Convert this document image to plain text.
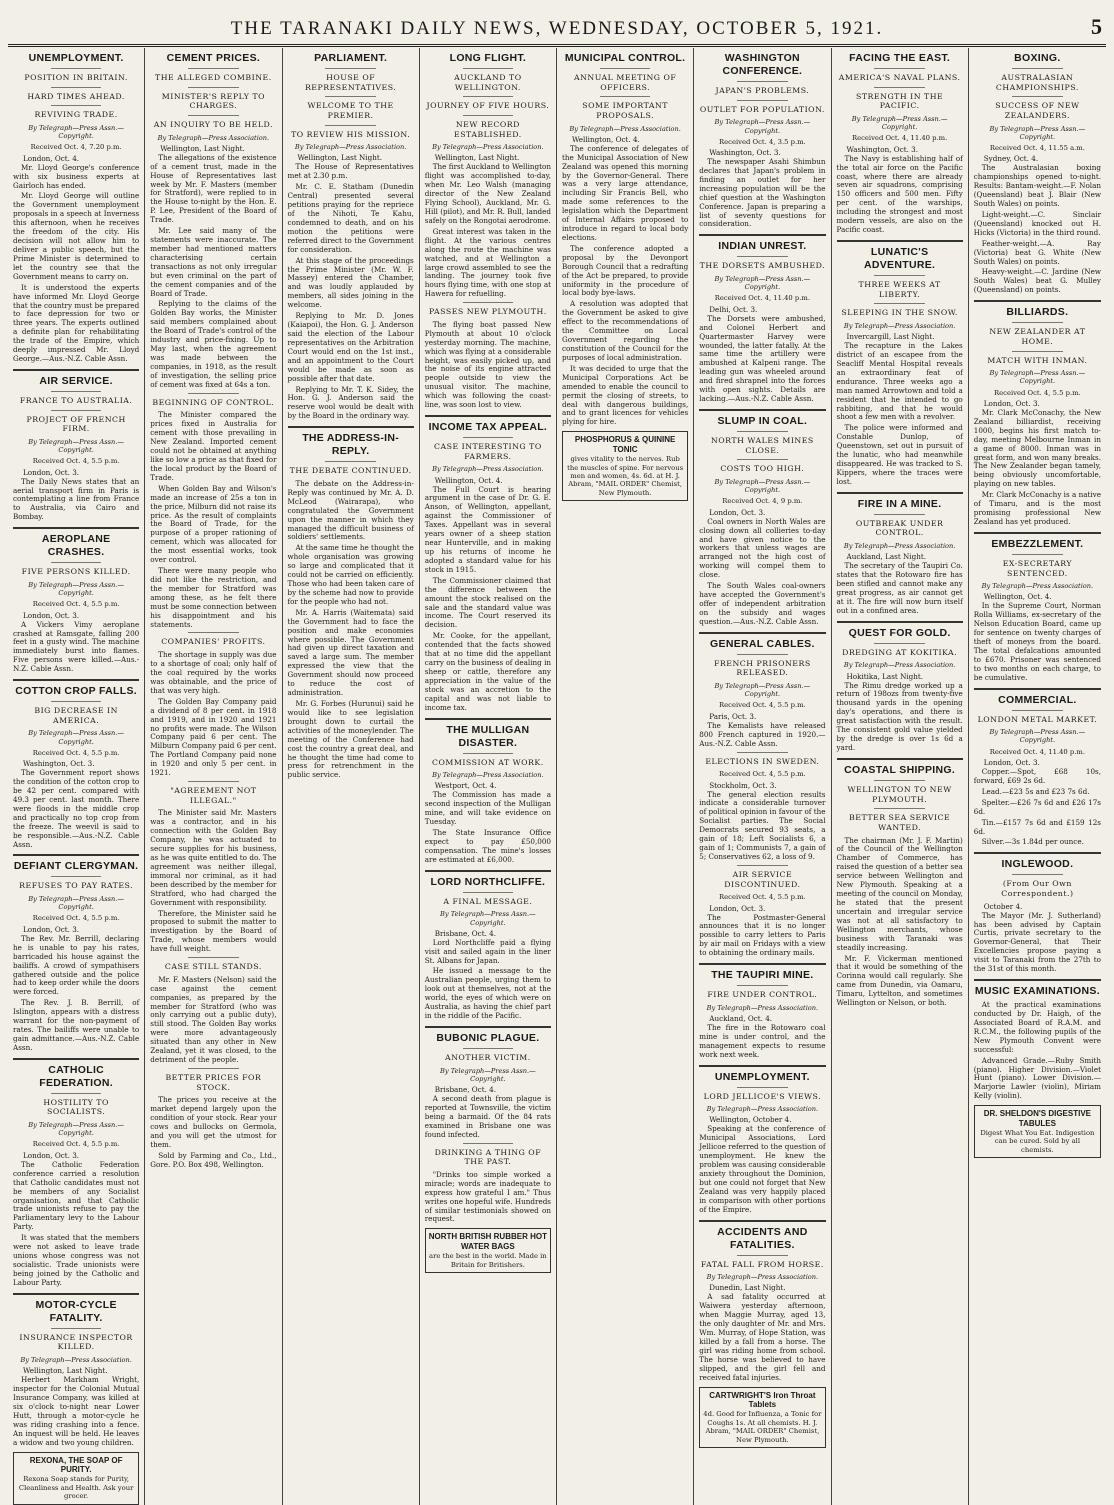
THE TARANAKI DAILY NEWS, WEDNESDAY, OCTOBER 5, 1921.	5
UNEMPLOYMENT.
POSITION IN BRITAIN.
HARD TIMES AHEAD.
REVIVING TRADE.
By Telegraph—Press Assn.—Copyright.
Received Oct. 4, 7.20 p.m.
London, Oct. 4.

Mr. Lloyd George's conference with six business experts at Gairloch has ended.

Mr. Lloyd George will outline the Government unemployment proposals in a speech at Inverness this afternoon, when he receives the freedom of the city. His decision will not allow him to deliver a public speech, but the Prime Minister is determined to let the country see that the Government means to carry on.

It is understood the experts have informed Mr. Lloyd George that the country must be prepared to face depression for two or three years. The experts outlined a definite plan for rehabilitating the trade of the Empire, which deeply impressed Mr. Lloyd George.—Aus.-N.Z. Cable Assn.

AIR SERVICE.
FRANCE TO AUSTRALIA.
PROJECT OF FRENCH FIRM.
By Telegraph—Press Assn.—Copyright.
Received Oct. 4, 5.5 p.m.
London, Oct. 3.

The Daily News states that an aerial transport firm in Paris is contemplating a line from France to Australia, via Cairo and Bombay.

AEROPLANE CRASHES.
FIVE PERSONS KILLED.
By Telegraph—Press Assn.—Copyright.
Received Oct. 4, 5.5 p.m.
London, Oct. 3.

A Vickers Vimy aeroplane crashed at Ramsgate, falling 200 feet in a gusty wind. The machine immediately burst into flames. Five persons were killed.—Aus.-N.Z. Cable Assn.

COTTON CROP FALLS.
BIG DECREASE IN AMERICA.
By Telegraph—Press Assn.—Copyright.
Received Oct. 4, 5.5 p.m.
Washington, Oct. 3.

The Government report shows the condition of the cotton crop to be 42 per cent. compared with 49.3 per cent. last month. There were floods in the middle crop and practically no top crop from the freeze. The weevil is said to be responsible.—Aus.-N.Z. Cable Assn.

DEFIANT CLERGYMAN.
REFUSES TO PAY RATES.
By Telegraph—Press Assn.—Copyright.
Received Oct. 4, 5.5 p.m.
London, Oct. 3.

The Rev. Mr. Berrill, declaring he is unable to pay his rates, barricaded his house against the bailiffs. A crowd of sympathisers gathered outside and the police had to keep order while the doors were forced.

The Rev. J. B. Berrill, of Islington, appears with a distress warrant for the non-payment of rates. The bailiffs were unable to gain admittance.—Aus.-N.Z. Cable Assn.

CATHOLIC FEDERATION.
HOSTILITY TO SOCIALISTS.
By Telegraph—Press Assn.—Copyright.
Received Oct. 4, 5.5 p.m.
London, Oct. 3.

The Catholic Federation conference carried a resolution that Catholic candidates must not be members of any Socialist organisation, and that Catholic trade unionists refuse to pay the Parliamentary levy to the Labour Party.

It was stated that the members were not asked to leave trade unions whose congress was not socialistic. Trade unionists were being joined by the Catholic and Labour Party.

MOTOR-CYCLE FATALITY.
INSURANCE INSPECTOR KILLED.
By Telegraph—Press Association.
Wellington, Last Night.

Herbert Markham Wright, inspector for the Colonial Mutual Insurance Company, was killed at six o'clock to-night near Lower Hutt, through a motor-cycle he was riding crashing into a fence. An inquest will be held. He leaves a widow and two young children.

REXONA, THE SOAP OF PURITY.
Rexona Soap stands for Purity, Cleanliness and Health. Ask your grocer.
CEMENT PRICES.
THE ALLEGED COMBINE.
MINISTER'S REPLY TO CHARGES.
AN INQUIRY TO BE HELD.
By Telegraph—Press Association.
Wellington, Last Night.

The allegations of the existence of a cement trust, made in the House of Representatives last week by Mr. F. Masters (member for Stratford), were replied to in the House to-night by the Hon. E. P. Lee, President of the Board of Trade.

Mr. Lee said many of the statements were inaccurate. The member had mentioned matters characterising certain transactions as not only irregular but even criminal on the part of the cement companies and of the Board of Trade.

Replying to the claims of the Golden Bay works, the Minister said members complained about the Board of Trade's control of the industry and price-fixing. Up to May last, when the agreement was made between the companies, in 1918, as the result of investigation, the selling price of cement was fixed at 64s a ton.

BEGINNING OF CONTROL.

The Minister compared the prices fixed in Australia for cement with those prevailing in New Zealand. Imported cement could not be obtained at anything like so low a price as that fixed for the local product by the Board of Trade.

When Golden Bay and Wilson's made an increase of 25s a ton in the price, Milburn did not raise its price. As the result of complaints the Board of Trade, for the purpose of a proper rationing of cement, which was allocated for the most essential works, took over control.

There were many people who did not like the restriction, and the member for Stratford was among these, as he felt there must be some connection between his disappointment and his statements.

COMPANIES' PROFITS.

The shortage in supply was due to a shortage of coal; only half of the coal required by the works was obtainable, and the price of that was very high.

The Golden Bay Company paid a dividend of 8 per cent. in 1918 and 1919, and in 1920 and 1921 no profits were made. The Wilson Company paid 6 per cent. The Milburn Company paid 6 per cent. The Portland Company paid none in 1920 and only 5 per cent. in 1921.

"AGREEMENT NOT ILLEGAL."

The Minister said Mr. Masters was a contractor, and in his connection with the Golden Bay Company, he was actuated to secure supplies for his business, as he was quite entitled to do. The agreement was neither illegal, immoral nor criminal, as it had been described by the member for Stratford, who had charged the Government with responsibility.

Therefore, the Minister said he proposed to submit the matter to investigation by the Board of Trade, whose members would have full weight.

CASE STILL STANDS.

Mr. F. Masters (Nelson) said the case against the cement companies, as prepared by the member for Stratford (who was only carrying out a public duty), still stood. The Golden Bay works were more advantageously situated than any other in New Zealand, yet it was closed, to the detriment of the people.

BETTER PRICES FOR STOCK.

The prices you receive at the market depend largely upon the condition of your stock. Rear your cows and bullocks on Germola, and you will get the utmost for them.

Sold by Farming and Co., Ltd., Gore. P.O. Box 498, Wellington.

PARLIAMENT.
HOUSE OF REPRESENTATIVES.
WELCOME TO THE PREMIER.
TO REVIEW HIS MISSION.
By Telegraph—Press Association.
Wellington, Last Night.

The House of Representatives met at 2.30 p.m.

Mr. C. E. Statham (Dunedin Central) presented several petitions praying for the repriece of the Nihoti, Te Kahu, condemned to death, and on his motion the petitions were referred direct to the Government for consideration.

At this stage of the proceedings the Prime Minister (Mr. W. F. Massey) entered the Chamber, and was loudly applauded by members, all sides joining in the welcome.

Replying to Mr. D. Jones (Kaiapoi), the Hon. G. J. Anderson said the election of the Labour representatives on the Arbitration Court would end on the 1st inst., and an appointment to the Court would be made as soon as possible after that date.

Replying to Mr. T. K. Sidey, the Hon. G. J. Anderson said the reserve wool would be dealt with by the Board in the ordinary way.

THE ADDRESS-IN-REPLY.
THE DEBATE CONTINUED.

The debate on the Address-in-Reply was continued by Mr. A. D. McLeod (Wairarapa), who congratulated the Government upon the manner in which they managed the difficult business of soldiers' settlements.

At the same time he thought the whole organisation was growing so large and complicated that it could not be carried on efficiently. Those who had been taken care of by the scheme had now to provide for the people who had not.

Mr. A. Harris (Waitemata) said the Government had to face the position and make economies where possible. The Government had given up direct taxation and saved a large sum. The member expressed the view that the Government should now proceed to reduce the cost of administration.

Mr. G. Forbes (Hurunui) said he would like to see legislation brought down to curtail the activities of the moneylender. The meeting of the Conference had cost the country a great deal, and he thought the time had come to press for retrenchment in the public service.

LONG FLIGHT.
AUCKLAND TO WELLINGTON.
JOURNEY OF FIVE HOURS.
NEW RECORD ESTABLISHED.
By Telegraph—Press Association.
Wellington, Last Night.

The first Auckland to Wellington flight was accomplished to-day, when Mr. Leo Walsh (managing director of the New Zealand Flying School), Auckland, Mr. G. Hill (pilot), and Mr. R. Bull, landed safely on the Rongotai aerodrome.

Great interest was taken in the flight. At the various centres along the route the machine was watched, and at Wellington a large crowd assembled to see the landing. The journey took five hours flying time, with one stop at Hawera for refuelling.

PASSES NEW PLYMOUTH.

The flying boat passed New Plymouth at about 10 o'clock yesterday morning. The machine, which was flying at a considerable height, was easily picked up, and the noise of its engine attracted people outside to view the unusual visitor. The machine, which was following the coast-line, was soon lost to view.

INCOME TAX APPEAL.
CASE INTERESTING TO FARMERS.
By Telegraph—Press Association.
Wellington, Oct. 4.

The Full Court is hearing argument in the case of Dr. G. E. Anson, of Wellington, appellant, against the Commissioner of Taxes. Appellant was in several years owner of a sheep station near Hunterville, and in making up his returns of income he adopted a standard value for his stock in 1915.

The Commissioner claimed that the difference between the amount the stock realised on the sale and the standard value was income. The Court reserved its decision.

Mr. Cooke, for the appellant, contended that the facts showed that at no time did the appellant carry on the business of dealing in sheep or cattle, therefore any appreciation in the value of the stock was an accretion to the capital and was not liable to income tax.

THE MULLIGAN DISASTER.
COMMISSION AT WORK.
By Telegraph—Press Association.
Westport, Oct. 4.

The Commission has made a second inspection of the Mulligan mine, and will take evidence on Tuesday.

The State Insurance Office expect to pay £50,000 compensation. The mine's losses are estimated at £6,000.

LORD NORTHCLIFFE.
A FINAL MESSAGE.
By Telegraph—Press Assn.—Copyright.
Brisbane, Oct. 4.

Lord Northcliffe paid a flying visit and sailed again in the liner St. Albans for Japan.

He issued a message to the Australian people, urging them to look out at themselves, not at the world, the eyes of which were on Australia, as having the chief part in the riddle of the Pacific.

BUBONIC PLAGUE.
ANOTHER VICTIM.
By Telegraph—Press Assn.—Copyright.
Brisbane, Oct. 4.

A second death from plague is reported at Townsville, the victim being a barmaid. Of the 84 rats examined in Brisbane one was found infected.

DRINKING A THING OF THE PAST.

"Drinks too simple worked a miracle; words are inadequate to express how grateful I am." Thus writes one hopeful wife. Hundreds of similar testimonials showed on request.

NORTH BRITISH RUBBER HOT WATER BAGS
are the best in the world. Made in Britain for Britishers.
MUNICIPAL CONTROL.
ANNUAL MEETING OF OFFICERS.
SOME IMPORTANT PROPOSALS.
By Telegraph—Press Association.
Wellington, Oct. 4.

The conference of delegates of the Municipal Association of New Zealand was opened this morning by the Governor-General. There was a very large attendance, including Sir Francis Bell, who made some references to the legislation which the Department of Internal Affairs proposed to introduce in regard to local body elections.

The conference adopted a proposal by the Devonport Borough Council that a redrafting of the Act be prepared, to provide uniformity in the procedure of local body bye-laws.

A resolution was adopted that the Government be asked to give effect to the recommendations of the Committee on Local Government regarding the constitution of the Council for the purposes of local administration.

It was decided to urge that the Municipal Corporations Act be amended to enable the council to permit the closing of streets, to deal with dangerous buildings, and to grant licences for vehicles plying for hire.

PHOSPHORUS & QUININE TONIC
gives vitality to the nerves. Rub the muscles of spine. For nervous men and women, 4s. 6d. at H. J. Abram, "MAIL ORDER" Chemist, New Plymouth.
WASHINGTON CONFERENCE.
JAPAN'S PROBLEMS.
OUTLET FOR POPULATION.
By Telegraph—Press Assn.—Copyright.
Received Oct. 4, 3.5 p.m.
Washington, Oct. 3.

The newspaper Asahi Shimbun declares that Japan's problem in finding an outlet for her increasing population will be the chief question at the Washington Conference. Japan is preparing a list of seventy questions for consideration.

INDIAN UNREST.
THE DORSETS AMBUSHED.
By Telegraph—Press Assn.—Copyright.
Received Oct. 4, 11.40 p.m.
Delhi, Oct. 3.

The Dorsets were ambushed, and Colonel Herbert and Quartermaster Harvey were wounded, the latter fatally. At the same time the artillery were ambushed at Kalpeni range. The leading gun was wheeled around and fired shrapnel into the forces with open sights. Details are lacking.—Aus.-N.Z. Cable Assn.

SLUMP IN COAL.
NORTH WALES MINES CLOSE.
COSTS TOO HIGH.
By Telegraph—Press Assn.—Copyright.
Received Oct. 4, 9 p.m.
London, Oct. 3.

Coal owners in North Wales are closing down all collieries to-day and have given notice to the workers that unless wages are arranged not the high cost of working will compel them to close.

The South Wales coal-owners have accepted the Government's offer of independent arbitration on the subsidy and wages question.—Aus.-N.Z. Cable Assn.

GENERAL CABLES.
FRENCH PRISONERS RELEASED.
By Telegraph—Press Assn.—Copyright.
Received Oct. 4, 5.5 p.m.
Paris, Oct. 3.

The Kemalists have released 800 French captured in 1920.—Aus.-N.Z. Cable Assn.

ELECTIONS IN SWEDEN.
Received Oct. 4, 5.5 p.m.
Stockholm, Oct. 3.

The general election results indicate a considerable turnover of political opinion in favour of the Socialist parties. The Social Democrats secured 93 seats, a gain of 18; Left Socialists 6, a gain of 1; Communists 7, a gain of 5; Conservatives 62, a loss of 9.

AIR SERVICE DISCONTINUED.
Received Oct. 4, 5.5 p.m.
London, Oct. 3.

The Postmaster-General announces that it is no longer possible to carry letters to Paris by air mail on Fridays with a view to obtaining the ordinary mails.

THE TAUPIRI MINE.
FIRE UNDER CONTROL.
By Telegraph—Press Association.
Auckland, Oct. 4.

The fire in the Rotowaro coal mine is under control, and the management expects to resume work next week.

UNEMPLOYMENT.
LORD JELLICOE'S VIEWS.
By Telegraph—Press Association.
Wellington, October 4.

Speaking at the conference of Municipal Associations, Lord Jellicoe referred to the question of unemployment. He knew the problem was causing considerable anxiety throughout the Dominion, but one could not forget that New Zealand was very happily placed in comparison with other portions of the Empire.

ACCIDENTS AND FATALITIES.
FATAL FALL FROM HORSE.
By Telegraph—Press Association.
Dunedin, Last Night.

A sad fatality occurred at Waiwera yesterday afternoon, when Maggie Murray, aged 13, the only daughter of Mr. and Mrs. Wm. Murray, of Hope Station, was killed by a fall from a horse. The girl was riding home from school. The horse was believed to have slipped, and the girl fell and received fatal injuries.

CARTWRIGHT'S Iron Throat Tablets
4d. Good for Influenza, a Tonic for Coughs 1s. At all chemists. H. J. Abram, "MAIL ORDER" Chemist, New Plymouth.
FACING THE EAST.
AMERICA'S NAVAL PLANS.
STRENGTH IN THE PACIFIC.
By Telegraph—Press Assn.—Copyright.
Received Oct. 4, 11.40 p.m.
Washington, Oct. 3.

The Navy is establishing half of the total air force on the Pacific coast, where there are already seven air squadrons, comprising 150 officers and 500 men. Fifty per cent. of the warships, including the strongest and most modern vessels, are also on the Pacific coast.

LUNATIC'S ADVENTURE.
THREE WEEKS AT LIBERTY.
SLEEPING IN THE SNOW.
By Telegraph—Press Association.
Invercargill, Last Night.

The recapture in the Lakes district of an escapee from the Seacliff Mental Hospital reveals an extraordinary feat of endurance. Three weeks ago a man named Arrowtown and told a resident that he intended to go rabbiting, and that he would shoot a few men with a revolver.

The police were informed and Constable Dunlop, of Queenstown, set out in pursuit of the lunatic, who had meanwhile disappeared. He was tracked to S. Kippers, where the traces were lost.

FIRE IN A MINE.
OUTBREAK UNDER CONTROL.
By Telegraph—Press Association.
Auckland, Last Night.

The secretary of the Taupiri Co. states that the Rotowaro fire has been stifled and cannot make any great progress, as air cannot get at it. The fire will now burn itself out in a confined area.

QUEST FOR GOLD.
DREDGING AT KOKITIKA.
By Telegraph—Press Association.
Hokitika, Last Night.

The Rimu dredge worked up a return of 198ozs from twenty-five thousand yards in the opening day's operations, and there is great satisfaction with the result. The consistent gold value yielded by the dredge is over 1s 6d a yard.

COASTAL SHIPPING.
WELLINGTON TO NEW PLYMOUTH.
BETTER SEA SERVICE WANTED.

The chairman (Mr. J. F. Martin) of the Council of the Wellington Chamber of Commerce, has raised the question of a better sea service between Wellington and New Plymouth. Speaking at a meeting of the council on Monday, he stated that the present uncertain and irregular service was not at all satisfactory to Wellington merchants, whose business with Taranaki was steadily increasing.

Mr. F. Vickerman mentioned that it would be something of the Corinna would call regularly. She came from Dunedin, via Oamaru, Timaru, Lyttelton, and sometimes Wellington or Nelson, or both.

BOXING.
AUSTRALASIAN CHAMPIONSHIPS.
SUCCESS OF NEW ZEALANDERS.
By Telegraph—Press Assn.—Copyright.
Received Oct. 4, 11.55 a.m.
Sydney, Oct. 4.

The Australasian boxing championships opened to-night. Results: Bantam-weight.—F. Nolan (Queensland) beat J. Blair (New South Wales) on points.

Light-weight.—C. Sinclair (Queensland) knocked out H. Hicks (Victoria) in the third round.

Feather-weight.—A. Ray (Victoria) beat G. White (New South Wales) on points.

Heavy-weight.—C. Jardine (New South Wales) beat G. Mulley (Queensland) on points.

BILLIARDS.
NEW ZEALANDER AT HOME.
MATCH WITH INMAN.
By Telegraph—Press Assn.—Copyright.
Received Oct. 4, 5.5 p.m.
London, Oct. 3.

Mr. Clark McConachy, the New Zealand billiardist, receiving 1000, begins his first match to-day, meeting Melbourne Inman in a game of 8000. Inman was in great form, and won many breaks. The New Zealander began tamely, being obviously uncomfortable, playing on new tables.

Mr. Clark McConachy is a native of Timaru, and is the most promising professional New Zealand has yet produced.

EMBEZZLEMENT.
EX-SECRETARY SENTENCED.
By Telegraph—Press Association.
Wellington, Oct. 4.

In the Supreme Court, Norman Rolla Williams, ex-secretary of the Nelson Education Board, came up for sentence on twenty charges of theft of moneys from the board. The total defalcations amounted to £670. Prisoner was sentenced to two months on each charge, to be cumulative.

COMMERCIAL.
LONDON METAL MARKET.
By Telegraph—Press Assn.—Copyright.
Received Oct. 4, 11.40 p.m.
London, Oct. 3.

Copper.—Spot, £68 10s, forward, £69 2s 6d.

Lead.—£23 5s and £23 7s 6d.

Spelter.—£26 7s 6d and £26 17s 6d.

Tin.—£157 7s 6d and £159 12s 6d.

Silver.—3s 1.84d per ounce.

INGLEWOOD.
(From Our Own Correspondent.)
October 4.

The Mayor (Mr. J. Sutherland) has been advised by Captain Curtis, private secretary to the Governor-General, that Their Excellencies propose paying a visit to Taranaki from the 27th to the 31st of this month.

MUSIC EXAMINATIONS.

At the practical examinations conducted by Dr. Haigh, of the Associated Board of R.A.M. and R.C.M., the following pupils of the New Plymouth Convent were successful:

Advanced Grade.—Ruby Smith (piano). Higher Division.—Violet Hunt (piano). Lower Division.—Marjorie Lawler (violin), Miriam Kelly (violin).

DR. SHELDON'S DIGESTIVE TABULES
Digest What You Eat. Indigestion can be cured. Sold by all chemists.
